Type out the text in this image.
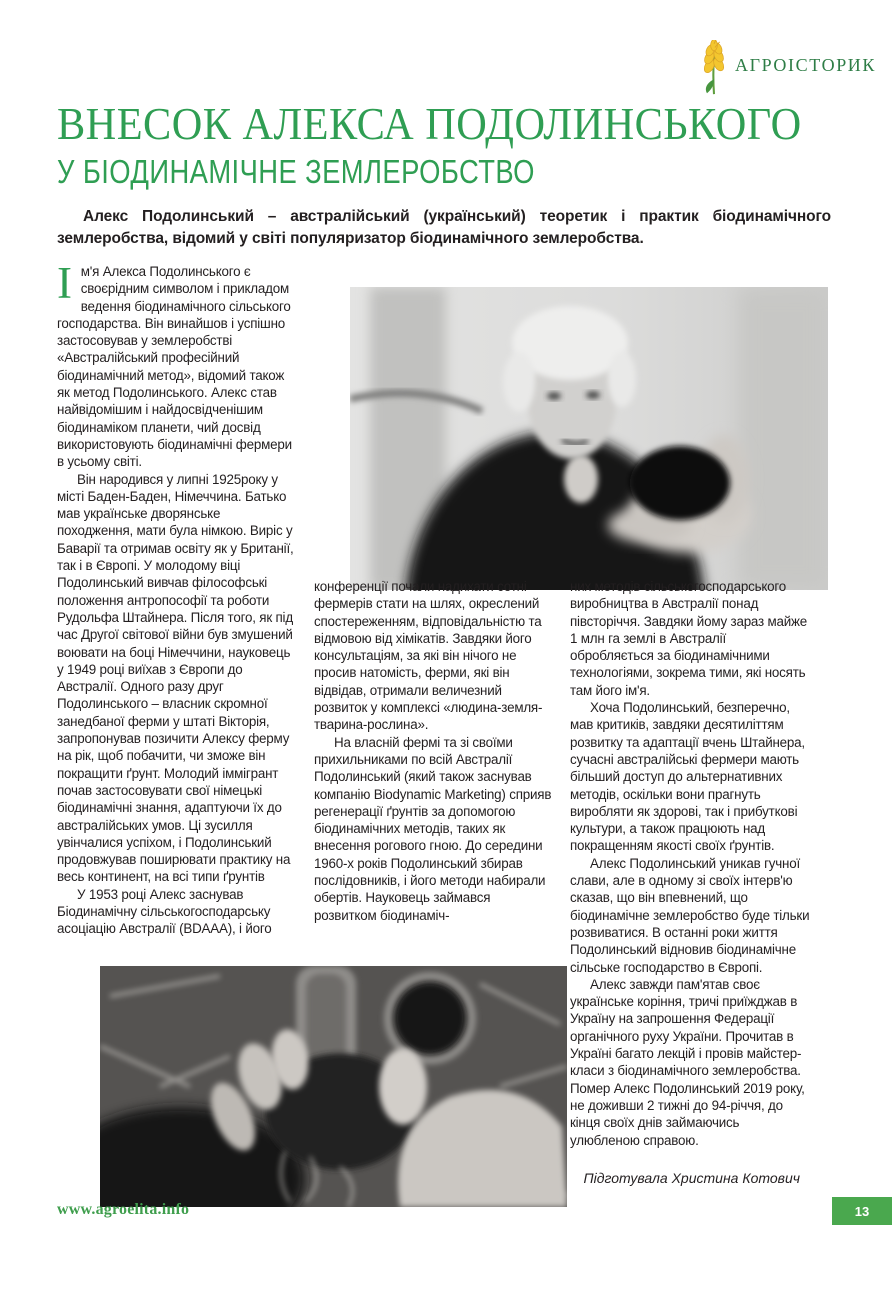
АГРОІСТОРИК
ВНЕСОК АЛЕКСА ПОДОЛИНСЬКОГО
У БІОДИНАМІЧНЕ ЗЕМЛЕРОБСТВО

Алекс Подолинський – австралійський (український) теоретик і практик біодинамічного землеробства, відомий у світі популяризатор біодинамічного землеробства.

Ім'я Алекса Подолинського є своєрідним символом і прикладом ведення біодинамічного сільського господарства. Він винайшов і успішно застосовував у землеробстві «Австралійський професійний біодинамічний метод», відомий також як метод Подолинського. Алекс став найвідомішим і найдосвідченішим біодинаміком планети, чий досвід використовують біодинамічні фермери в усьому світі.

Він народився у липні 1925року у місті Баден-Баден, Німеччина. Батько мав українське дворянське походження, мати була німкою. Виріс у Баварії та отримав освіту як у Британії, так і в Європі. У молодому віці Подолинський вивчав філософські положення антропософії та роботи Рудольфа Штайнера. Після того, як під час Другої світової війни був змушений воювати на боці Німеччини, науковець у 1949 році виїхав з Європи до Австралії. Одного разу друг Подолинського – власник скромної занедбаної ферми у штаті Вікторія, запропонував позичити Алексу ферму на рік, щоб побачити, чи зможе він покращити ґрунт. Молодий іммігрант почав застосовувати свої німецькі біодинамічні знання, адаптуючи їх до австралійських умов. Ці зусилля увінчалися успіхом, і Подолинський продовжував поширювати практику на весь континент, на всі типи ґрунтів

У 1953 році Алекс заснував Біодинамічну сільськогосподарську асоціацію Австралії (BDAAA), і його

конференції почали надихати сотні фермерів стати на шлях, окреслений спостереженням, відповідальністю та відмовою від хімікатів. Завдяки його консультаціям, за які він нічого не просив натомість, ферми, які він відвідав, отримали величезний розвиток у комплексі «людина-земля-тварина-рослина».

На власній фермі та зі своїми прихильниками по всій Австралії Подолинський (який також заснував компанію Biodynamic Marketing) сприяв регенерації ґрунтів за допомогою біодинамічних методів, таких як внесення рогового гною. До середини 1960-х років Подолинський збирав послідовників, і його методи набирали обертів. Науковець займався розвитком біодинаміч-

них методів сільськогосподарського виробництва в Австралії понад півсторіччя. Завдяки йому зараз майже 1 млн га землі в Австралії обробляється за біодинамічними технологіями, зокрема тими, які носять там його ім'я.

Хоча Подолинський, безперечно, мав критиків, завдяки десятиліттям розвитку та адаптації вчень Штайнера, сучасні австралійські фермери мають більший доступ до альтернативних методів, оскільки вони прагнуть виробляти як здорові, так і прибуткові культури, а також працюють над покращенням якості своїх ґрунтів.

Алекс Подолинський уникав гучної слави, але в одному зі своїх інтерв'ю сказав, що він впевнений, що біодинамічне землеробство буде тільки розвиватися. В останні роки життя Подолинський відновив біодинамічне сільське господарство в Європі.

Алекс завжди пам'ятав своє українське коріння, тричі приїжджав в Україну на запрошення Федерації органічного руху України. Прочитав в Україні багато лекцій і провів майстер-класи з біодинамічного землеробства. Помер Алекс Подолинський 2019 року, не доживши 2 тижні до 94-річчя, до кінця своїх днів займаючись улюбленою справою.

Підготувала Христина Котович

www.agroelita.info	13
